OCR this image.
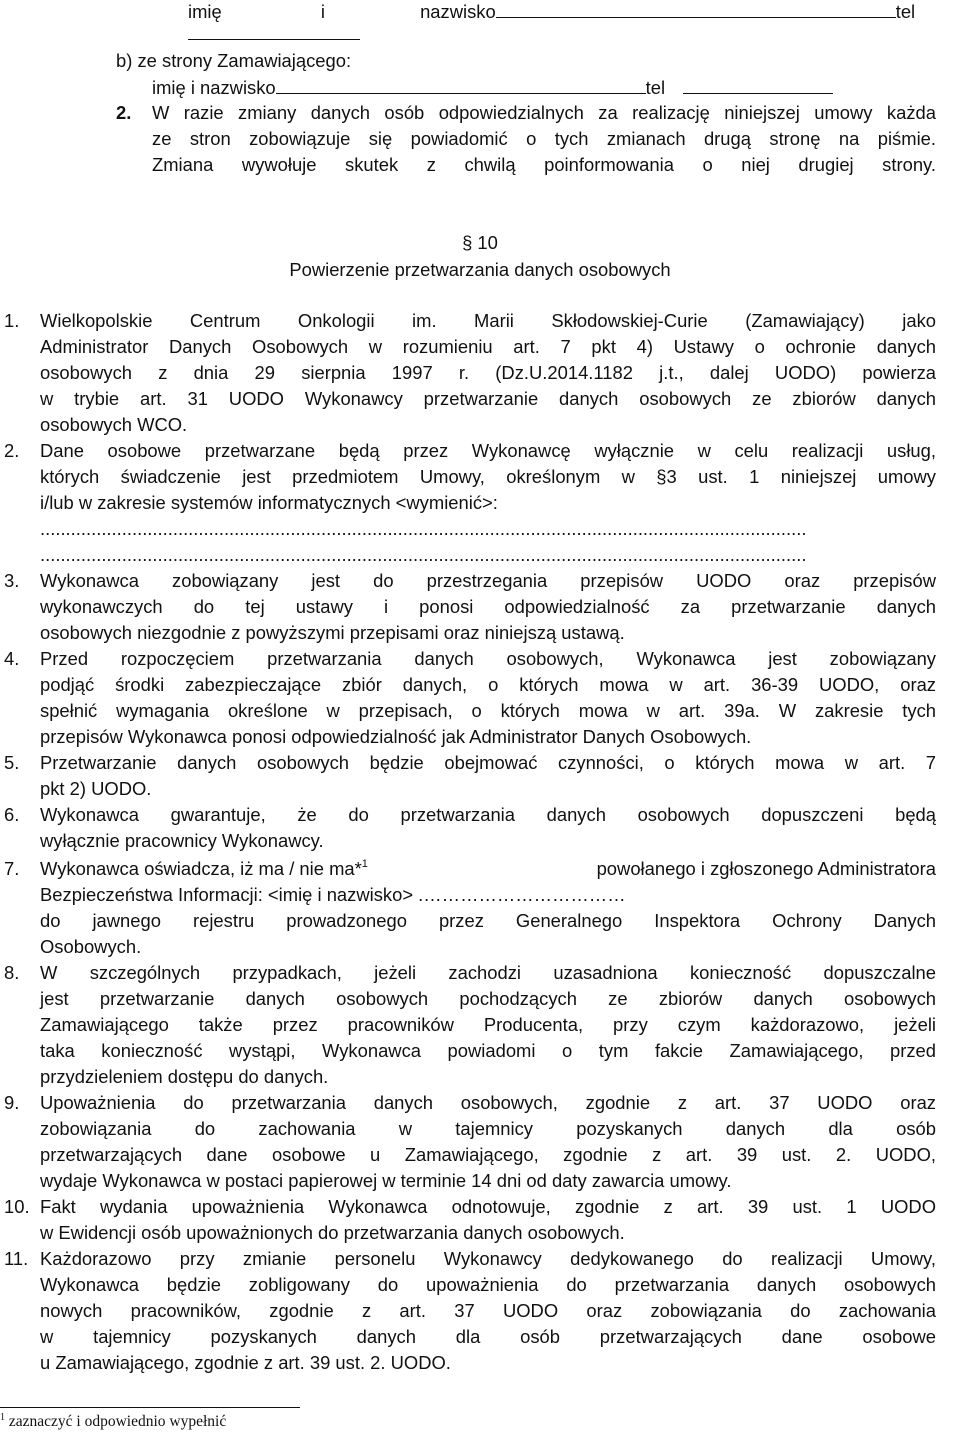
imię	i	nazwisko	tel
b) ze strony Zamawiającego:
imię i nazwisko	tel
2. W razie zmiany danych osób odpowiedzialnych za realizację niniejszej umowy każda
ze stron zobowiązuje się powiadomić o tych zmianach drugą stronę na piśmie.
Zmiana wywołuje skutek z chwilą poinformowania o niej drugiej strony.
§ 10
Powierzenie przetwarzania danych osobowych
1. Wielkopolskie Centrum Onkologii im. Marii Skłodowskiej-Curie (Zamawiający) jako
Administrator Danych Osobowych w rozumieniu art. 7 pkt 4) Ustawy o ochronie danych
osobowych z dnia 29 sierpnia 1997 r. (Dz.U.2014.1182 j.t., dalej UODO) powierza
w trybie art. 31 UODO Wykonawcy przetwarzanie danych osobowych ze zbiorów danych
osobowych WCO.
2. Dane osobowe przetwarzane będą przez Wykonawcę wyłącznie w celu realizacji usług,
których świadczenie jest przedmiotem Umowy, określonym w §3 ust. 1 niniejszej umowy
i/lub w zakresie systemów informatycznych <wymienić>:
......................................................................................................................................................
......................................................................................................................................................
3. Wykonawca zobowiązany jest do przestrzegania przepisów UODO oraz przepisów
wykonawczych do tej ustawy i ponosi odpowiedzialność za przetwarzanie danych
osobowych niezgodnie z powyższymi przepisami oraz niniejszą ustawą.
4. Przed rozpoczęciem przetwarzania danych osobowych, Wykonawca jest zobowiązany
podjąć środki zabezpieczające zbiór danych, o których mowa w art. 36-39 UODO, oraz
spełnić wymagania określone w przepisach, o których mowa w art. 39a. W zakresie tych
przepisów Wykonawca ponosi odpowiedzialność jak Administrator Danych Osobowych.
5. Przetwarzanie danych osobowych będzie obejmować czynności, o których mowa w art. 7
pkt 2) UODO.
6. Wykonawca gwarantuje, że do przetwarzania danych osobowych dopuszczeni będą
wyłącznie pracownicy Wykonawcy.
7. Wykonawca oświadcza, iż ma / nie ma*$^1$	powołanego i zgłoszonego Administratora
Bezpieczeństwa Informacji: <imię i nazwisko> .……………………………
do jawnego rejestru prowadzonego przez Generalnego Inspektora Ochrony Danych
Osobowych.
8. W szczególnych przypadkach, jeżeli zachodzi uzasadniona konieczność dopuszczalne
jest przetwarzanie danych osobowych pochodzących ze zbiorów danych osobowych
Zamawiającego także przez pracowników Producenta, przy czym każdorazowo, jeżeli
taka konieczność wystąpi, Wykonawca powiadomi o tym fakcie Zamawiającego, przed
przydzieleniem dostępu do danych.
9. Upoważnienia do przetwarzania danych osobowych, zgodnie z art. 37 UODO oraz
zobowiązania do zachowania w tajemnicy pozyskanych danych dla osób
przetwarzających dane osobowe u Zamawiającego, zgodnie z art. 39 ust. 2. UODO,
wydaje Wykonawca w postaci papierowej w terminie 14 dni od daty zawarcia umowy.
10. Fakt wydania upoważnienia Wykonawca odnotowuje, zgodnie z art. 39 ust. 1 UODO
w Ewidencji osób upoważnionych do przetwarzania danych osobowych.
11. Każdorazowo przy zmianie personelu Wykonawcy dedykowanego do realizacji Umowy,
Wykonawca będzie zobligowany do upoważnienia do przetwarzania danych osobowych
nowych pracowników, zgodnie z art. 37 UODO oraz zobowiązania do zachowania
w tajemnicy pozyskanych danych dla osób przetwarzających dane osobowe
u Zamawiającego, zgodnie z art. 39 ust. 2. UODO.
$^1$ zaznaczyć i odpowiednio wypełnić
